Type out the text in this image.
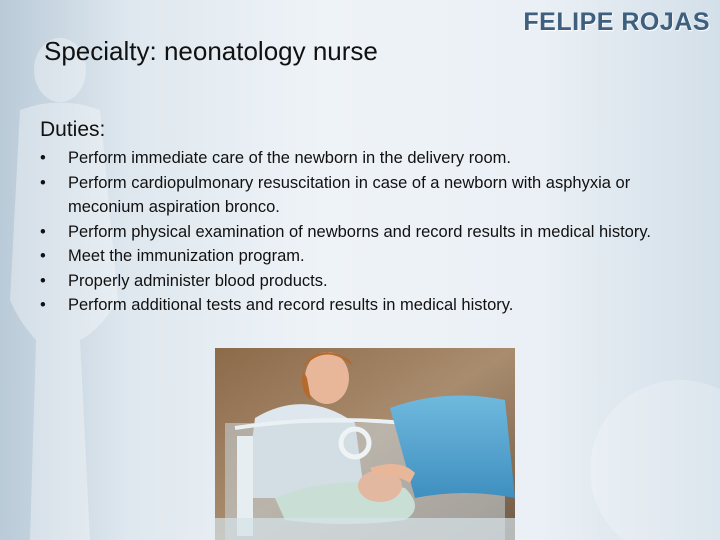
Specialty: neonatology nurse
FELIPE ROJAS
Duties:
• Perform immediate care of the newborn in the delivery room.
• Perform cardiopulmonary resuscitation in case of a newborn with asphyxia or meconium aspiration bronco.
• Perform physical examination of newborns and record results in medical history.
• Meet the immunization program.
• Properly administer blood products.
• Perform additional tests and record results in medical history.
